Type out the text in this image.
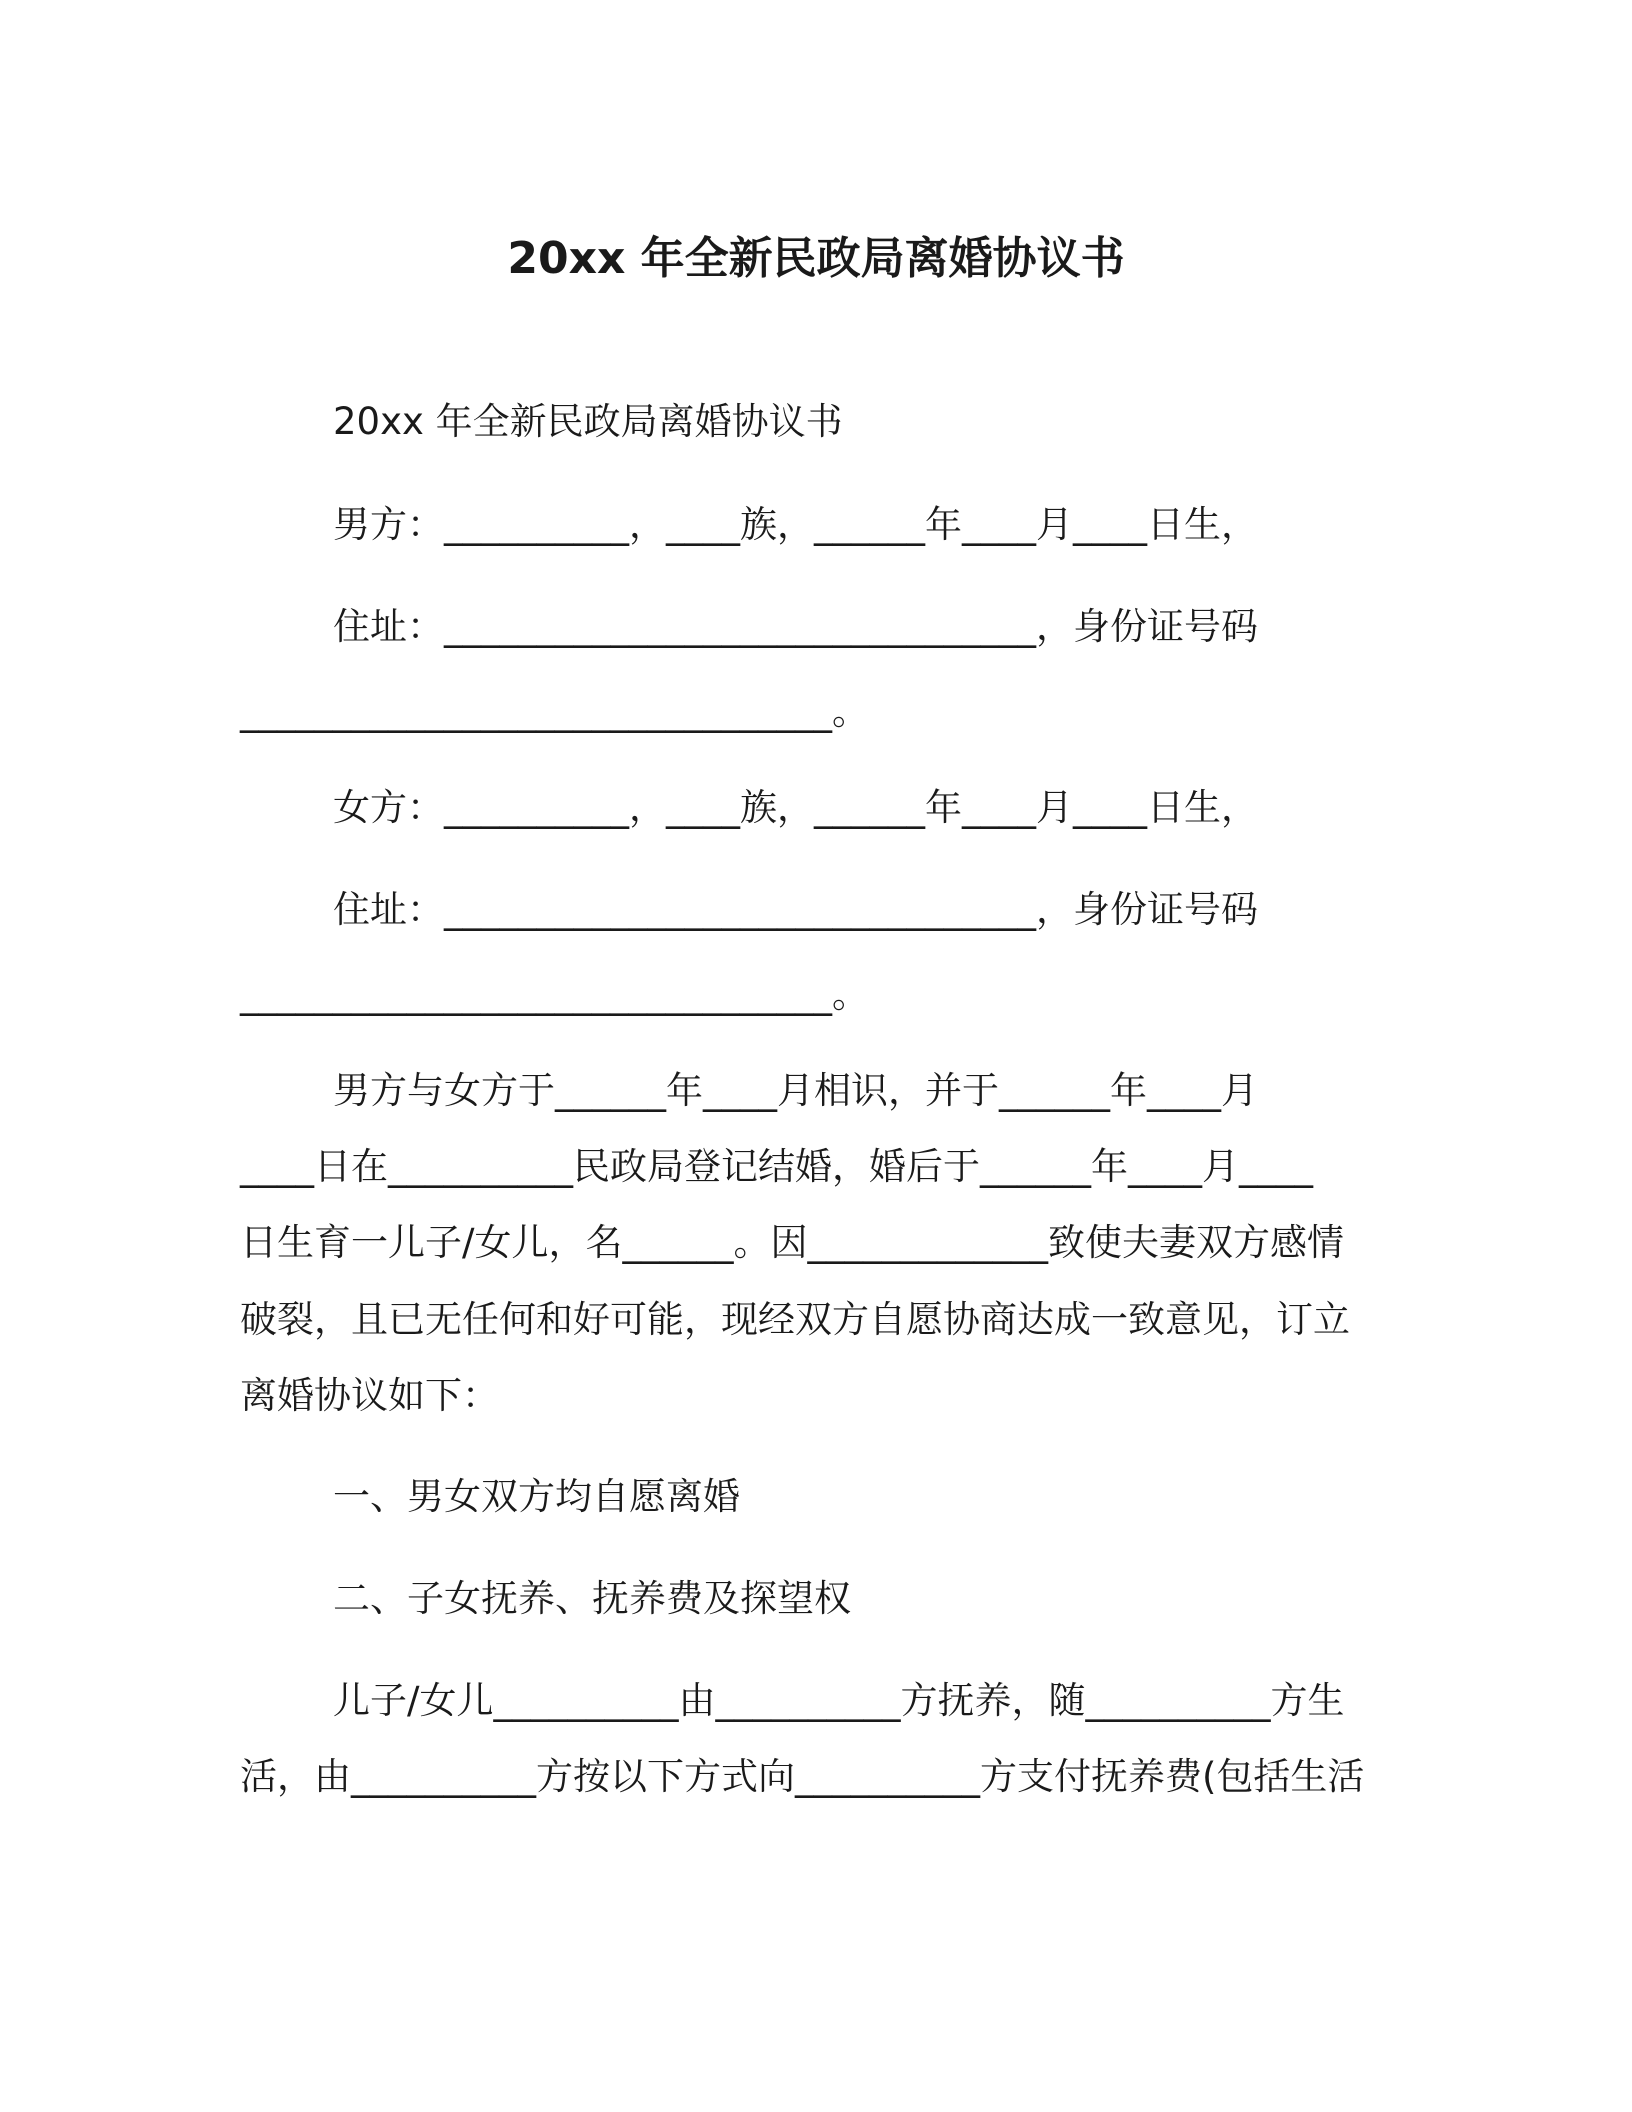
20xx 年全新民政局离婚协议书
20xx 年全新民政局离婚协议书
男方：__________，____族，______年____月____日生，
住址：________________________________，身份证号码
________________________________。
女方：__________，____族，______年____月____日生，
住址：________________________________，身份证号码
________________________________。
男方与女方于______年____月相识，并于______年____月
____日在__________民政局登记结婚，婚后于______年____月____
日生育一儿子/女儿，名______。因_____________致使夫妻双方感情
破裂，且已无任何和好可能，现经双方自愿协商达成一致意见，订立
离婚协议如下：
一、男女双方均自愿离婚
二、子女抚养、抚养费及探望权
儿子/女儿__________由__________方抚养，随__________方生
活，由__________方按以下方式向__________方支付抚养费(包括生活
